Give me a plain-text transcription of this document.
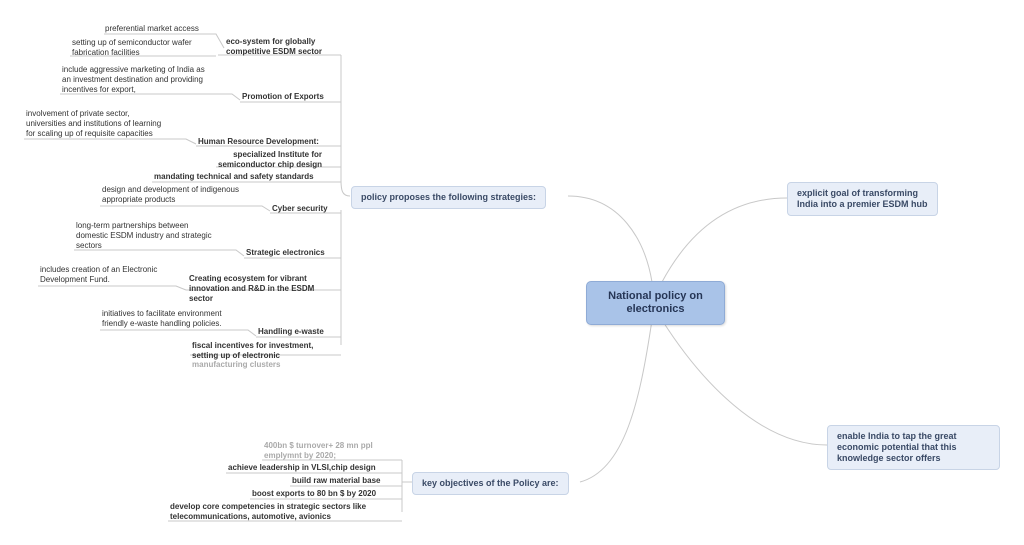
National policy on electronics
policy proposes the following strategies:	explicit goal of transforming
India into a premier ESDM hub
enable India to tap the great
economic potential that this
knowledge sector offers
key objectives of the Policy are:
eco-system for globally
competitive ESDM sector
preferential market access
setting up of semiconductor wafer
fabrication facilities
Promotion of Exports
include aggressive marketing of India as
an investment destination and providing
incentives for export,
Human Resource Development:
involvement of private sector,
universities and institutions of learning
for scaling up of requisite capacities
specialized Institute for
semiconductor chip design
mandating technical and safety standards
Cyber security
design and development of indigenous
appropriate products
Strategic electronics
long-term partnerships between
domestic ESDM industry and strategic
sectors
Creating ecosystem for vibrant
innovation and R&D in the ESDM
sector
includes creation of an Electronic
Development Fund.
Handling e-waste
initiatives to facilitate environment
friendly e-waste handling policies.
fiscal incentives for investment,
setting up of electronic
manufacturing clusters
400bn $ turnover+ 28 mn ppl
emplymnt by 2020;
achieve leadership in VLSI,chip design
build raw material base
boost exports to 80 bn $ by 2020
develop core competencies in strategic sectors like
telecommunications, automotive, avionics
